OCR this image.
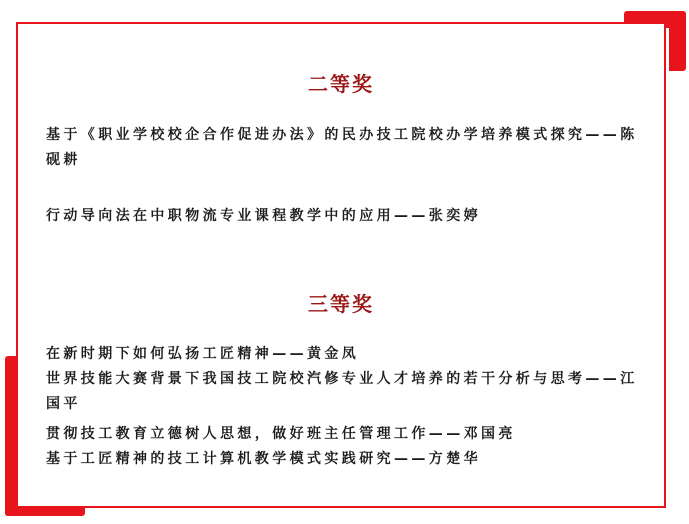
二等奖
基于《职业学校校企合作促进办法》的民办技工院校办学培养模式探究——陈砚耕
行动导向法在中职物流专业课程教学中的应用——张奕婷
三等奖
在新时期下如何弘扬工匠精神——黄金凤
世界技能大赛背景下我国技工院校汽修专业人才培养的若干分析与思考——江国平
贯彻技工教育立德树人思想，做好班主任管理工作——邓国亮
基于工匠精神的技工计算机教学模式实践研究——方楚华
